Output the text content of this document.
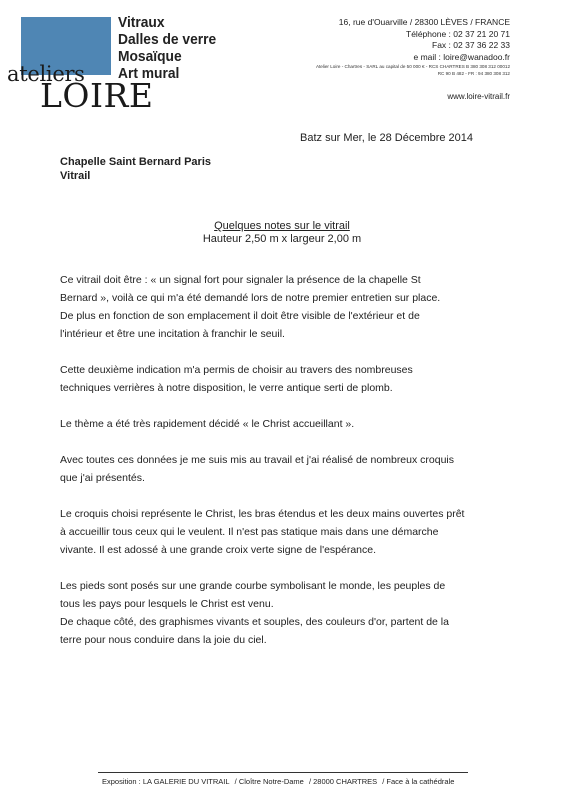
ateliers
LOIRE
Vitraux
Dalles de verre
Mosaïque
Art mural
16, rue d'Ouarville / 28300 LÈVES / FRANCE
Téléphone : 02 37 21 20 71
Fax : 02 37 36 22 33
e mail : loire@wanadoo.fr
Atelier Loire - Chartres - SARL au capital de 50 000 € - RCS CHARTRES B 380 308 312 00012
RC 90 B 482 - FR : 94 380 308 312
www.loire-vitrail.fr
Batz sur Mer, le 28 Décembre 2014
Chapelle Saint Bernard Paris
Vitrail
Quelques notes sur le vitrail
Hauteur 2,50 m x largeur 2,00 m

Ce vitrail doit être : « un signal fort pour signaler la présence de la chapelle St

Bernard », voilà ce qui m'a été demandé lors de notre premier entretien sur place.

De plus en fonction de son emplacement il doit être visible de l'extérieur et de

l'intérieur et être une incitation à franchir le seuil.

Cette deuxième indication m'a permis de choisir au travers des nombreuses

techniques verrières à notre disposition, le verre antique serti de plomb.

Le thème a été très rapidement décidé « le Christ accueillant ».

Avec toutes ces données je me suis mis au travail et j'ai réalisé de nombreux croquis

que j'ai présentés.

Le croquis choisi représente le Christ, les bras étendus et les deux mains ouvertes prêt

à accueillir tous ceux qui le veulent. Il n'est pas statique mais dans une démarche

vivante. Il est adossé à une grande croix verte signe de l'espérance.

Les pieds sont posés sur une grande courbe symbolisant le monde, les peuples de

tous les pays pour lesquels le Christ est venu.

De chaque côté, des graphismes vivants et souples, des couleurs d'or, partent de la

terre pour nous conduire dans la joie du ciel.

Exposition : LA GALERIE DU VITRAIL / Cloître Notre-Dame / 28000 CHARTRES / Face à la cathédrale
